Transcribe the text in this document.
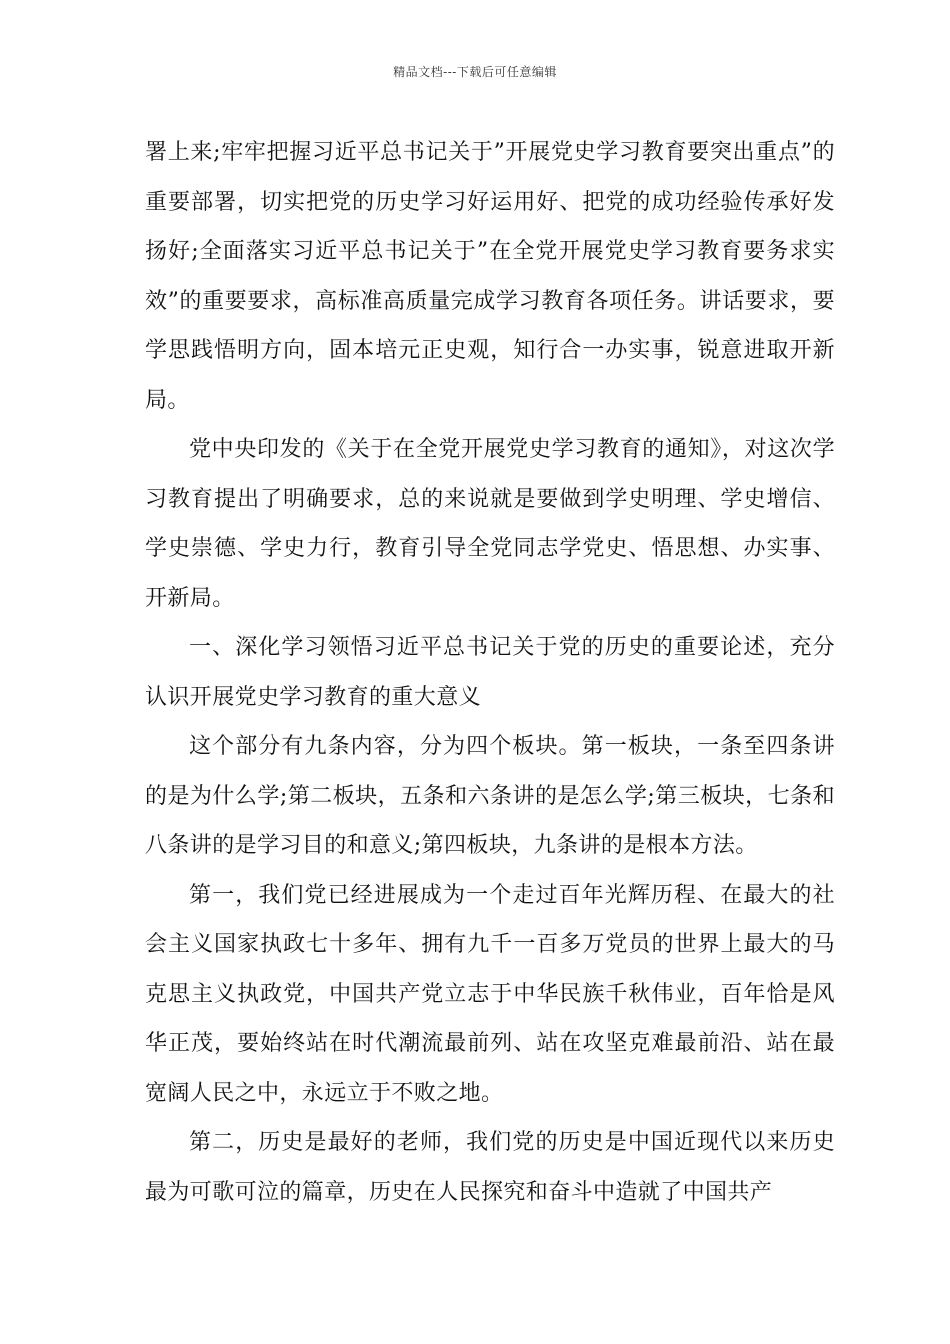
精品文档---下载后可任意编辑

署上来;牢牢把握习近平总书记关于”开展党史学习教育要突出重点”的重要部署，切实把党的历史学习好运用好、把党的成功经验传承好发扬好;全面落实习近平总书记关于”在全党开展党史学习教育要务求实效”的重要要求，高标准高质量完成学习教育各项任务。讲话要求，要学思践悟明方向，固本培元正史观，知行合一办实事，锐意进取开新局。

党中央印发的《关于在全党开展党史学习教育的通知》，对这次学习教育提出了明确要求，总的来说就是要做到学史明理、学史增信、学史崇德、学史力行，教育引导全党同志学党史、悟思想、办实事、开新局。

一、深化学习领悟习近平总书记关于党的历史的重要论述，充分认识开展党史学习教育的重大意义

这个部分有九条内容，分为四个板块。第一板块，一条至四条讲的是为什么学;第二板块，五条和六条讲的是怎么学;第三板块，七条和八条讲的是学习目的和意义;第四板块，九条讲的是根本方法。

第一，我们党已经进展成为一个走过百年光辉历程、在最大的社会主义国家执政七十多年、拥有九千一百多万党员的世界上最大的马克思主义执政党，中国共产党立志于中华民族千秋伟业，百年恰是风华正茂，要始终站在时代潮流最前列、站在攻坚克难最前沿、站在最宽阔人民之中，永远立于不败之地。

第二，历史是最好的老师，我们党的历史是中国近现代以来历史最为可歌可泣的篇章，历史在人民探究和奋斗中造就了中国共产
